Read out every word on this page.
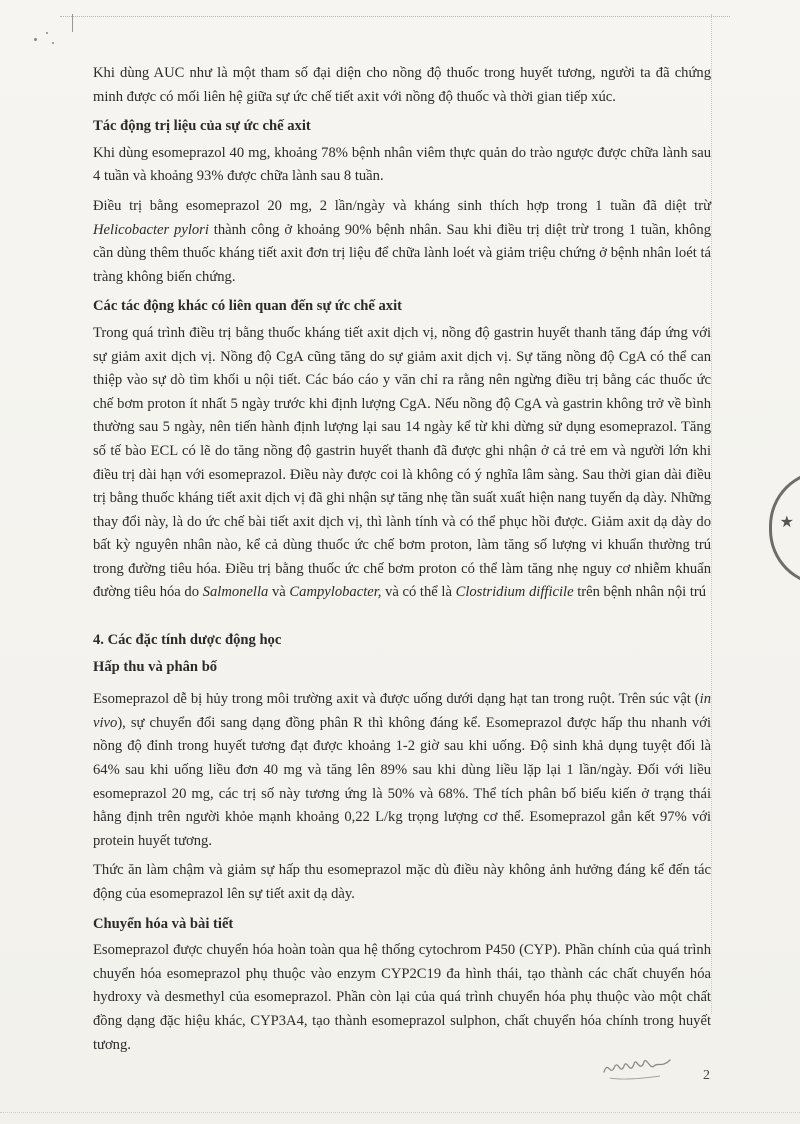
★

Khi dùng AUC như là một tham số đại diện cho nồng độ thuốc trong huyết tương, người ta đã chứng minh được có mối liên hệ giữa sự ức chế tiết axit với nồng độ thuốc và thời gian tiếp xúc.

Tác động trị liệu của sự ức chế axit

Khi dùng esomeprazol 40 mg, khoảng 78% bệnh nhân viêm thực quản do trào ngược được chữa lành sau 4 tuần và khoảng 93% được chữa lành sau 8 tuần.

Điều trị bằng esomeprazol 20 mg, 2 lần/ngày và kháng sinh thích hợp trong 1 tuần đã diệt trừ Helicobacter pylori thành công ở khoảng 90% bệnh nhân. Sau khi điều trị diệt trừ trong 1 tuần, không cần dùng thêm thuốc kháng tiết axit đơn trị liệu để chữa lành loét và giảm triệu chứng ở bệnh nhân loét tá tràng không biến chứng.

Các tác động khác có liên quan đến sự ức chế axit

Trong quá trình điều trị bằng thuốc kháng tiết axit dịch vị, nồng độ gastrin huyết thanh tăng đáp ứng với sự giảm axit dịch vị. Nồng độ CgA cũng tăng do sự giảm axit dịch vị. Sự tăng nồng độ CgA có thể can thiệp vào sự dò tìm khối u nội tiết. Các báo cáo y văn chỉ ra rằng nên ngừng điều trị bằng các thuốc ức chế bơm proton ít nhất 5 ngày trước khi định lượng CgA. Nếu nồng độ CgA và gastrin không trở về bình thường sau 5 ngày, nên tiến hành định lượng lại sau 14 ngày kể từ khi dừng sử dụng esomeprazol. Tăng số tế bào ECL có lẽ do tăng nồng độ gastrin huyết thanh đã được ghi nhận ở cả trẻ em và người lớn khi điều trị dài hạn với esomeprazol. Điều này được coi là không có ý nghĩa lâm sàng. Sau thời gian dài điều trị bằng thuốc kháng tiết axit dịch vị đã ghi nhận sự tăng nhẹ tần suất xuất hiện nang tuyến dạ dày. Những thay đổi này, là do ức chế bài tiết axit dịch vị, thì lành tính và có thể phục hồi được. Giảm axit dạ dày do bất kỳ nguyên nhân nào, kể cả dùng thuốc ức chế bơm proton, làm tăng số lượng vi khuẩn thường trú trong đường tiêu hóa. Điều trị bằng thuốc ức chế bơm proton có thể làm tăng nhẹ nguy cơ nhiễm khuẩn đường tiêu hóa do Salmonella và Campylobacter, và có thể là Clostridium difficile trên bệnh nhân nội trú

4. Các đặc tính dược động học
Hấp thu và phân bố

Esomeprazol dễ bị hủy trong môi trường axit và được uống dưới dạng hạt tan trong ruột. Trên súc vật (in vivo), sự chuyển đổi sang dạng đồng phân R thì không đáng kể. Esomeprazol được hấp thu nhanh với nồng độ đỉnh trong huyết tương đạt được khoảng 1-2 giờ sau khi uống. Độ sinh khả dụng tuyệt đối là 64% sau khi uống liều đơn 40 mg và tăng lên 89% sau khi dùng liều lặp lại 1 lần/ngày. Đối với liều esomeprazol 20 mg, các trị số này tương ứng là 50% và 68%. Thể tích phân bố biểu kiến ở trạng thái hằng định trên người khỏe mạnh khoảng 0,22 L/kg trọng lượng cơ thể. Esomeprazol gắn kết 97% với protein huyết tương.

Thức ăn làm chậm và giảm sự hấp thu esomeprazol mặc dù điều này không ảnh hưởng đáng kể đến tác động của esomeprazol lên sự tiết axit dạ dày.

Chuyển hóa và bài tiết

Esomeprazol được chuyển hóa hoàn toàn qua hệ thống cytochrom P450 (CYP). Phần chính của quá trình chuyển hóa esomeprazol phụ thuộc vào enzym CYP2C19 đa hình thái, tạo thành các chất chuyển hóa hydroxy và desmethyl của esomeprazol. Phần còn lại của quá trình chuyển hóa phụ thuộc vào một chất đồng dạng đặc hiệu khác, CYP3A4, tạo thành esomeprazol sulphon, chất chuyển hóa chính trong huyết tương.

2
